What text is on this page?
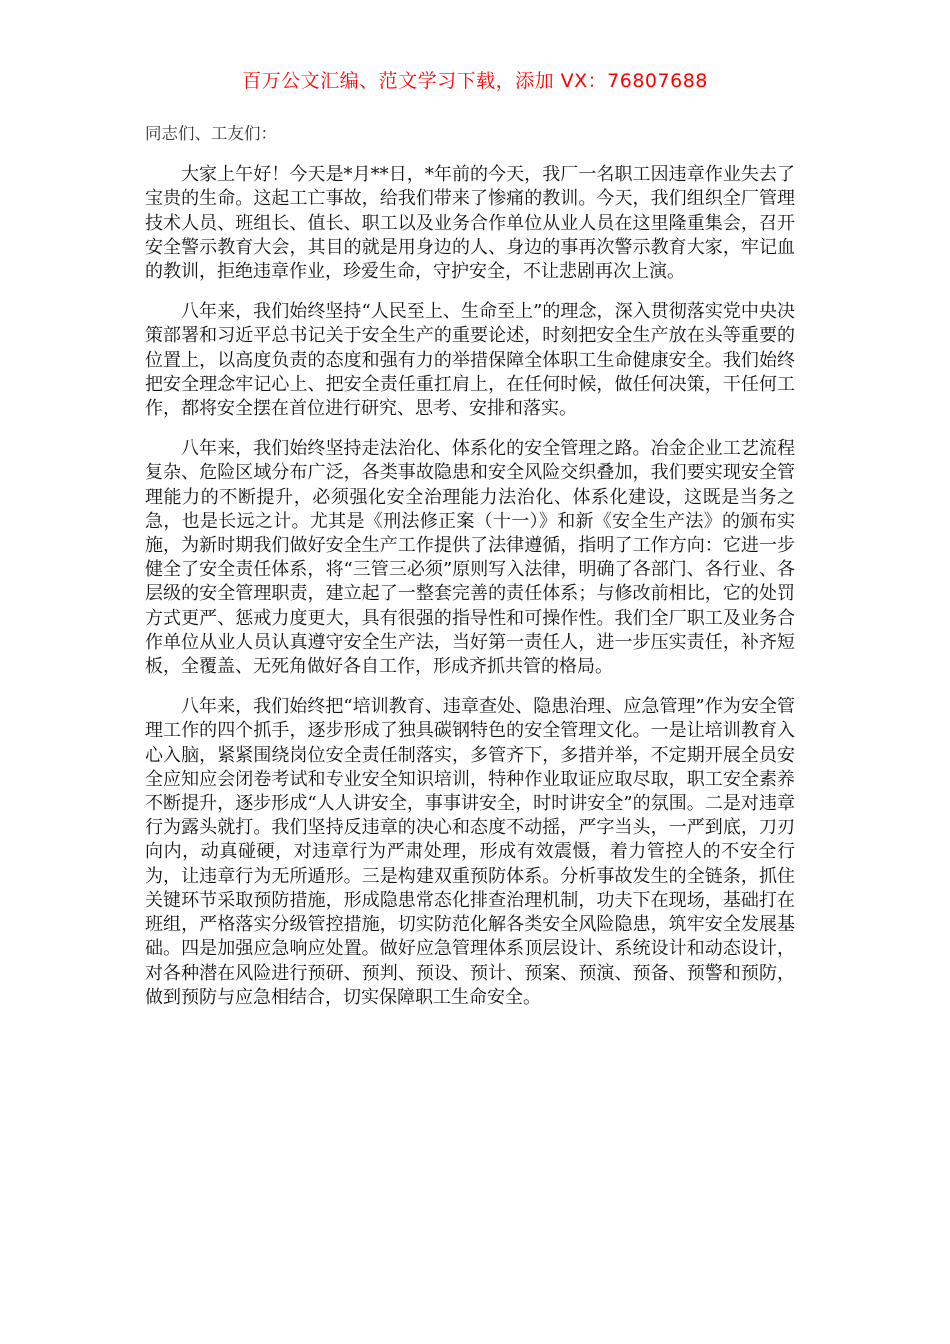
百万公文汇编、范文学习下载，添加 VX：76807688

同志们、工友们：

大家上午好！今天是*月**日，*年前的今天，我厂一名职工因违章作业失去了宝贵的生命。这起工亡事故，给我们带来了惨痛的教训。今天，我们组织全厂管理技术人员、班组长、值长、职工以及业务合作单位从业人员在这里隆重集会，召开安全警示教育大会，其目的就是用身边的人、身边的事再次警示教育大家，牢记血的教训，拒绝违章作业，珍爱生命，守护安全，不让悲剧再次上演。

八年来，我们始终坚持“人民至上、生命至上”的理念，深入贯彻落实党中央决策部署和习近平总书记关于安全生产的重要论述，时刻把安全生产放在头等重要的位置上，以高度负责的态度和强有力的举措保障全体职工生命健康安全。我们始终把安全理念牢记心上、把安全责任重扛肩上，在任何时候，做任何决策，干任何工作，都将安全摆在首位进行研究、思考、安排和落实。

八年来，我们始终坚持走法治化、体系化的安全管理之路。冶金企业工艺流程复杂、危险区域分布广泛，各类事故隐患和安全风险交织叠加，我们要实现安全管理能力的不断提升，必须强化安全治理能力法治化、体系化建设，这既是当务之急，也是长远之计。尤其是《刑法修正案（十一）》和新《安全生产法》的颁布实施，为新时期我们做好安全生产工作提供了法律遵循，指明了工作方向：它进一步健全了安全责任体系，将“三管三必须”原则写入法律，明确了各部门、各行业、各层级的安全管理职责，建立起了一整套完善的责任体系；与修改前相比，它的处罚方式更严、惩戒力度更大，具有很强的指导性和可操作性。我们全厂职工及业务合作单位从业人员认真遵守安全生产法，当好第一责任人，进一步压实责任，补齐短板，全覆盖、无死角做好各自工作，形成齐抓共管的格局。

八年来，我们始终把“培训教育、违章查处、隐患治理、应急管理”作为安全管理工作的四个抓手，逐步形成了独具碳钢特色的安全管理文化。一是让培训教育入心入脑，紧紧围绕岗位安全责任制落实，多管齐下，多措并举，不定期开展全员安全应知应会闭卷考试和专业安全知识培训，特种作业取证应取尽取，职工安全素养不断提升，逐步形成“人人讲安全，事事讲安全，时时讲安全”的氛围。二是对违章行为露头就打。我们坚持反违章的决心和态度不动摇，严字当头，一严到底，刀刃向内，动真碰硬，对违章行为严肃处理，形成有效震慑，着力管控人的不安全行为，让违章行为无所遁形。三是构建双重预防体系。分析事故发生的全链条，抓住关键环节采取预防措施，形成隐患常态化排查治理机制，功夫下在现场，基础打在班组，严格落实分级管控措施，切实防范化解各类安全风险隐患，筑牢安全发展基础。四是加强应急响应处置。做好应急管理体系顶层设计、系统设计和动态设计，对各种潜在风险进行预研、预判、预设、预计、预案、预演、预备、预警和预防，做到预防与应急相结合，切实保障职工生命安全。
